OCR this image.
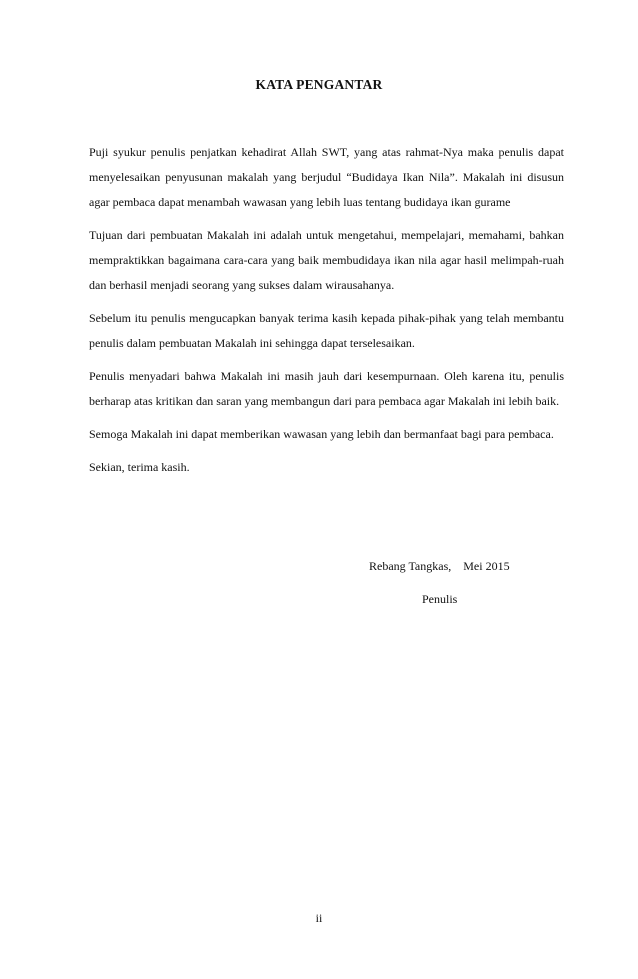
KATA PENGANTAR

Puji syukur penulis penjatkan kehadirat Allah SWT, yang atas rahmat-Nya maka penulis dapat menyelesaikan penyusunan makalah yang berjudul “Budidaya Ikan Nila”. Makalah ini disusun agar pembaca dapat menambah wawasan yang lebih luas tentang budidaya ikan gurame

Tujuan dari pembuatan Makalah ini adalah untuk mengetahui, mempelajari, memahami, bahkan mempraktikkan bagaimana cara-cara yang baik membudidaya ikan nila agar hasil melimpah-ruah dan berhasil menjadi seorang yang sukses dalam wirausahanya.

Sebelum itu penulis mengucapkan banyak terima kasih kepada pihak-pihak yang telah membantu penulis dalam pembuatan Makalah ini sehingga dapat terselesaikan.

Penulis menyadari bahwa Makalah ini masih jauh dari kesempurnaan. Oleh karena itu, penulis berharap atas kritikan dan saran yang membangun dari para pembaca agar Makalah ini lebih baik.

Semoga Makalah ini dapat memberikan wawasan yang lebih dan bermanfaat bagi para pembaca.

Sekian, terima kasih.

Rebang Tangkas,    Mei 2015
Penulis
ii
